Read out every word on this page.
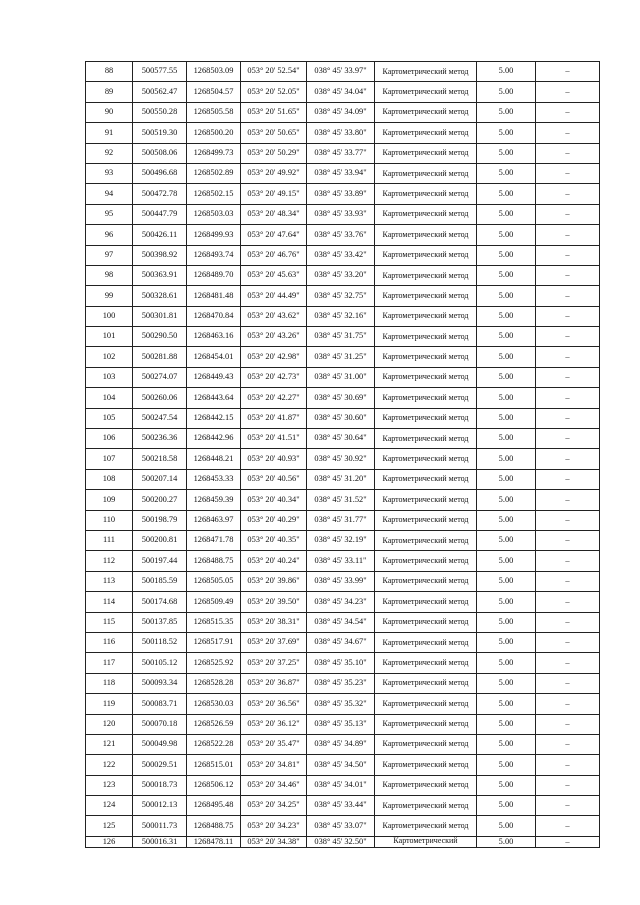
88	500577.55	1268503.09	053° 20' 52.54"	038° 45' 33.97"	Картометрический метод	5.00	–
89	500562.47	1268504.57	053° 20' 52.05"	038° 45' 34.04"	Картометрический метод	5.00	–
90	500550.28	1268505.58	053° 20' 51.65"	038° 45' 34.09"	Картометрический метод	5.00	–
91	500519.30	1268500.20	053° 20' 50.65"	038° 45' 33.80"	Картометрический метод	5.00	–
92	500508.06	1268499.73	053° 20' 50.29"	038° 45' 33.77"	Картометрический метод	5.00	–
93	500496.68	1268502.89	053° 20' 49.92"	038° 45' 33.94"	Картометрический метод	5.00	–
94	500472.78	1268502.15	053° 20' 49.15"	038° 45' 33.89"	Картометрический метод	5.00	–
95	500447.79	1268503.03	053° 20' 48.34"	038° 45' 33.93"	Картометрический метод	5.00	–
96	500426.11	1268499.93	053° 20' 47.64"	038° 45' 33.76"	Картометрический метод	5.00	–
97	500398.92	1268493.74	053° 20' 46.76"	038° 45' 33.42"	Картометрический метод	5.00	–
98	500363.91	1268489.70	053° 20' 45.63"	038° 45' 33.20"	Картометрический метод	5.00	–
99	500328.61	1268481.48	053° 20' 44.49"	038° 45' 32.75"	Картометрический метод	5.00	–
100	500301.81	1268470.84	053° 20' 43.62"	038° 45' 32.16"	Картометрический метод	5.00	–
101	500290.50	1268463.16	053° 20' 43.26"	038° 45' 31.75"	Картометрический метод	5.00	–
102	500281.88	1268454.01	053° 20' 42.98"	038° 45' 31.25"	Картометрический метод	5.00	–
103	500274.07	1268449.43	053° 20' 42.73"	038° 45' 31.00"	Картометрический метод	5.00	–
104	500260.06	1268443.64	053° 20' 42.27"	038° 45' 30.69"	Картометрический метод	5.00	–
105	500247.54	1268442.15	053° 20' 41.87"	038° 45' 30.60"	Картометрический метод	5.00	–
106	500236.36	1268442.96	053° 20' 41.51"	038° 45' 30.64"	Картометрический метод	5.00	–
107	500218.58	1268448.21	053° 20' 40.93"	038° 45' 30.92"	Картометрический метод	5.00	–
108	500207.14	1268453.33	053° 20' 40.56"	038° 45' 31.20"	Картометрический метод	5.00	–
109	500200.27	1268459.39	053° 20' 40.34"	038° 45' 31.52"	Картометрический метод	5.00	–
110	500198.79	1268463.97	053° 20' 40.29"	038° 45' 31.77"	Картометрический метод	5.00	–
111	500200.81	1268471.78	053° 20' 40.35"	038° 45' 32.19"	Картометрический метод	5.00	–
112	500197.44	1268488.75	053° 20' 40.24"	038° 45' 33.11"	Картометрический метод	5.00	–
113	500185.59	1268505.05	053° 20' 39.86"	038° 45' 33.99"	Картометрический метод	5.00	–
114	500174.68	1268509.49	053° 20' 39.50"	038° 45' 34.23"	Картометрический метод	5.00	–
115	500137.85	1268515.35	053° 20' 38.31"	038° 45' 34.54"	Картометрический метод	5.00	–
116	500118.52	1268517.91	053° 20' 37.69"	038° 45' 34.67"	Картометрический метод	5.00	–
117	500105.12	1268525.92	053° 20' 37.25"	038° 45' 35.10"	Картометрический метод	5.00	–
118	500093.34	1268528.28	053° 20' 36.87"	038° 45' 35.23"	Картометрический метод	5.00	–
119	500083.71	1268530.03	053° 20' 36.56"	038° 45' 35.32"	Картометрический метод	5.00	–
120	500070.18	1268526.59	053° 20' 36.12"	038° 45' 35.13"	Картометрический метод	5.00	–
121	500049.98	1268522.28	053° 20' 35.47"	038° 45' 34.89"	Картометрический метод	5.00	–
122	500029.51	1268515.01	053° 20' 34.81"	038° 45' 34.50"	Картометрический метод	5.00	–
123	500018.73	1268506.12	053° 20' 34.46"	038° 45' 34.01"	Картометрический метод	5.00	–
124	500012.13	1268495.48	053° 20' 34.25"	038° 45' 33.44"	Картометрический метод	5.00	–
125	500011.73	1268488.75	053° 20' 34.23"	038° 45' 33.07"	Картометрический метод	5.00	–
126	500016.31	1268478.11	053° 20' 34.38"	038° 45' 32.50"	Картометрический	5.00	–
